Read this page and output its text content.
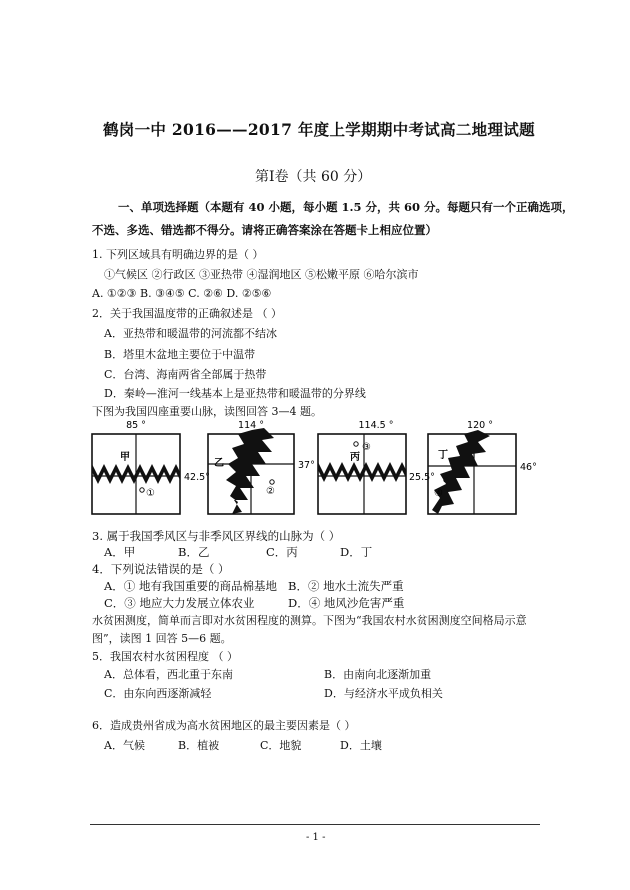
鹤岗一中 2016——2017 年度上学期期中考试高二地理试题
第Ⅰ卷（共 60 分）
一、单项选择题（本题有 40 小题，每小题 1.5 分，共 60 分。每题只有一个正确选项，
不选、多选、错选都不得分。请将正确答案涂在答题卡上相应位置）
1. 下列区域具有明确边界的是（ ）
①气候区 ②行政区 ③亚热带 ④湿润地区 ⑤松嫩平原 ⑥哈尔滨市
A. ①②③ B. ③④⑤ C. ②⑥ D. ②⑤⑥
2．关于我国温度带的正确叙述是 （ ）
A．亚热带和暖温带的河流都不结冰
B．塔里木盆地主要位于中温带
C．台湾、海南两省全部属于热带
D．秦岭—淮河一线基本上是亚热带和暖温带的分界线
下图为我国四座重要山脉，读图回答 3—4 题。
85 °
42.5°
甲
①
114 °
37°
乙
②
114.5 °
25.5°
丙
③
120 °
46°
丁
④
3. 属于我国季风区与非季风区界线的山脉为（ ）
A．甲	B．乙	C．丙	D．丁
4．下列说法错误的是（ ）
A．① 地有我国重要的商品棉基地 B．② 地水土流失严重
C．③ 地应大力发展立体农业	D．④ 地风沙危害严重
水贫困测度，简单而言即对水贫困程度的测算。下图为“我国农村水贫困测度空间格局示意
图”，读图 1 回答 5—6 题。
5．我国农村水贫困程度 （ ）
A．总体看，西北重于东南	B．由南向北逐渐加重
C．由东向西逐渐减轻	D．与经济水平成负相关
6．造成贵州省成为高水贫困地区的最主要因素是（ ）
A．气候	B．植被	C．地貌	D．土壤
- 1 -
